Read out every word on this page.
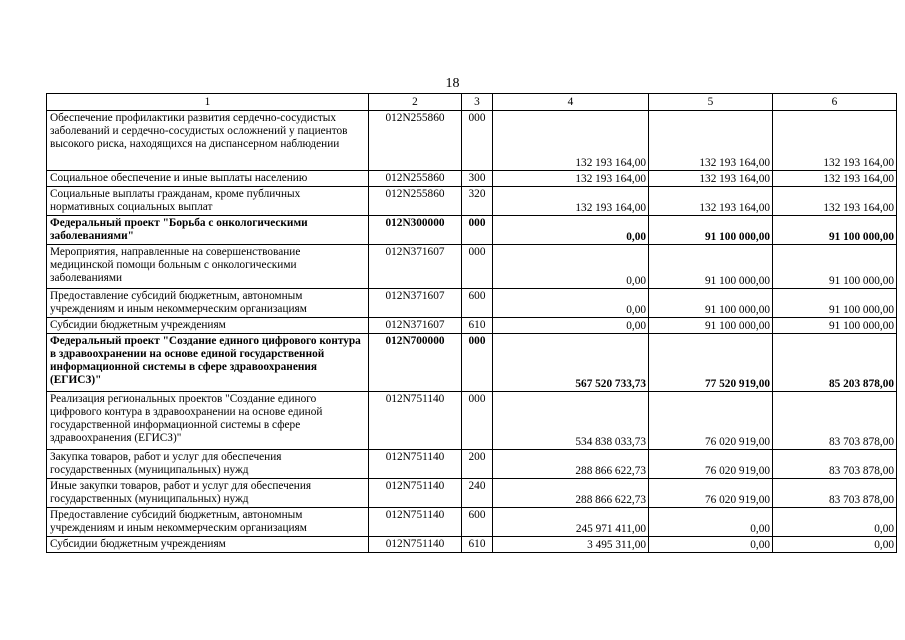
18
1	2	3	4	5	6
Обеспечение профилактики развития сердечно-сосудистых заболеваний и сердечно-сосудистых осложнений у пациентов высокого риска, находящихся на диспансерном наблюдении	012N255860	000	132 193 164,00	132 193 164,00	132 193 164,00
Социальное обеспечение и иные выплаты населению	012N255860	300	132 193 164,00	132 193 164,00	132 193 164,00
Социальные выплаты гражданам, кроме публичных нормативных социальных выплат	012N255860	320	132 193 164,00	132 193 164,00	132 193 164,00
Федеральный проект "Борьба с онкологическими заболеваниями"	012N300000	000	0,00	91 100 000,00	91 100 000,00
Мероприятия, направленные на совершенствование медицинской помощи больным с онкологическими заболеваниями	012N371607	000	0,00	91 100 000,00	91 100 000,00
Предоставление субсидий бюджетным, автономным учреждениям и иным некоммерческим организациям	012N371607	600	0,00	91 100 000,00	91 100 000,00
Субсидии бюджетным учреждениям	012N371607	610	0,00	91 100 000,00	91 100 000,00
Федеральный проект "Создание единого цифрового контура в здравоохранении на основе единой государственной информационной системы в сфере здравоохранения (ЕГИСЗ)"	012N700000	000	567 520 733,73	77 520 919,00	85 203 878,00
Реализация региональных проектов "Создание единого цифрового контура в здравоохранении на основе единой государственной информационной системы в сфере здравоохранения (ЕГИСЗ)"	012N751140	000	534 838 033,73	76 020 919,00	83 703 878,00
Закупка товаров, работ и услуг для обеспечения государственных (муниципальных) нужд	012N751140	200	288 866 622,73	76 020 919,00	83 703 878,00
Иные закупки товаров, работ и услуг для обеспечения государственных (муниципальных) нужд	012N751140	240	288 866 622,73	76 020 919,00	83 703 878,00
Предоставление субсидий бюджетным, автономным учреждениям и иным некоммерческим организациям	012N751140	600	245 971 411,00	0,00	0,00
Субсидии бюджетным учреждениям	012N751140	610	3 495 311,00	0,00	0,00
